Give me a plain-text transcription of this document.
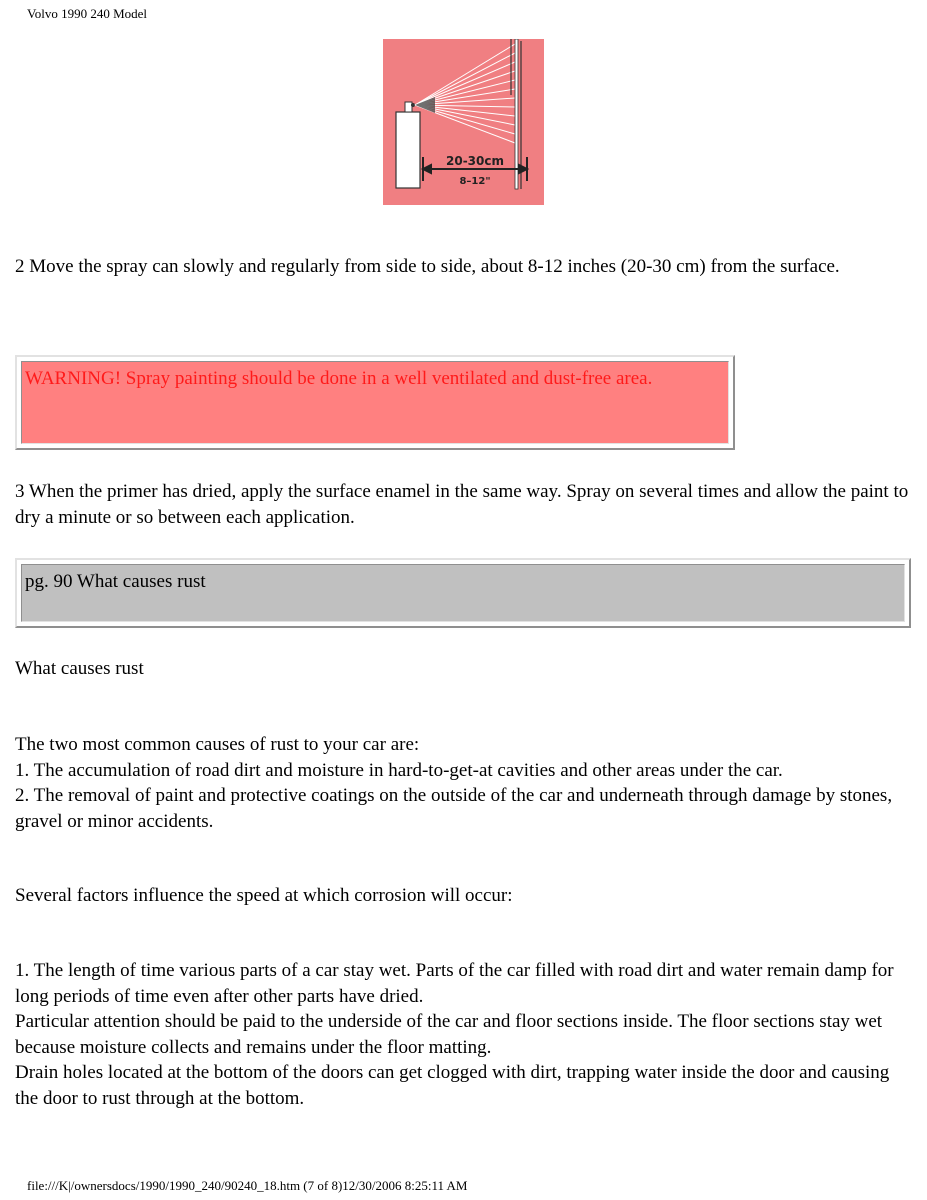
Volvo 1990 240 Model
20-30cm
8–12"
2 Move the spray can slowly and regularly from side to side, about 8-12 inches (20-30 cm) from the surface.
WARNING! Spray painting should be done in a well ventilated and dust-free area.
3 When the primer has dried, apply the surface enamel in the same way. Spray on several times and allow the paint to dry a minute or so between each application.
pg. 90 What causes rust
What causes rust
The two most common causes of rust to your car are:
1. The accumulation of road dirt and moisture in hard-to-get-at cavities and other areas under the car.
2. The removal of paint and protective coatings on the outside of the car and underneath through damage by stones, gravel or minor accidents.
Several factors influence the speed at which corrosion will occur:
1. The length of time various parts of a car stay wet. Parts of the car filled with road dirt and water remain damp for long periods of time even after other parts have dried.
Particular attention should be paid to the underside of the car and floor sections inside. The floor sections stay wet because moisture collects and remains under the floor matting.
Drain holes located at the bottom of the doors can get clogged with dirt, trapping water inside the door and causing the door to rust through at the bottom.
file:///K|/ownersdocs/1990/1990_240/90240_18.htm (7 of 8)12/30/2006 8:25:11 AM
